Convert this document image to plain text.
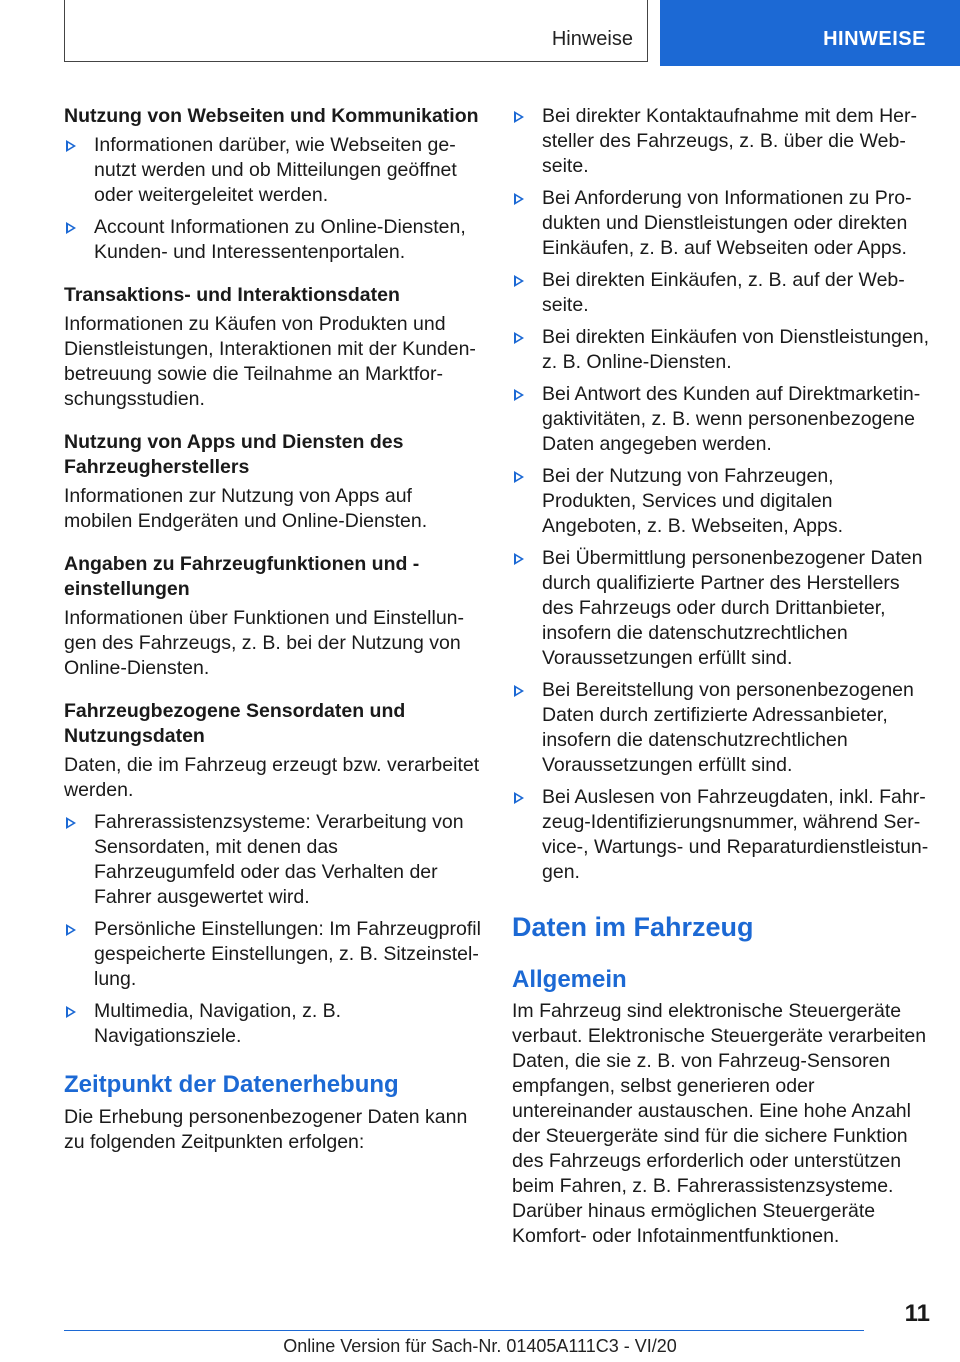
Hinweise	HINWEISE
Nutzung von Webseiten und Kommunikation
Informationen darüber, wie Webseiten genutzt werden und ob Mitteilungen geöffnet oder weitergeleitet werden.
Account Informationen zu Online-Diensten, Kunden- und Interessentenportalen.
Transaktions- und Interaktionsdaten

Informationen zu Käufen von Produkten und Dienstleistungen, Interaktionen mit der Kundenbetreuung sowie die Teilnahme an Marktforschungsstudien.

Nutzung von Apps und Diensten des Fahrzeugherstellers

Informationen zur Nutzung von Apps auf mobilen Endgeräten und Online-Diensten.

Angaben zu Fahrzeugfunktionen und -einstellungen

Informationen über Funktionen und Einstellungen des Fahrzeugs, z. B. bei der Nutzung von Online-Diensten.

Fahrzeugbezogene Sensordaten und Nutzungsdaten

Daten, die im Fahrzeug erzeugt bzw. verarbeitet werden.

Fahrerassistenzsysteme: Verarbeitung von Sensordaten, mit denen das Fahrzeugumfeld oder das Verhalten der Fahrer ausgewertet wird.
Persönliche Einstellungen: Im Fahrzeugprofil gespeicherte Einstellungen, z. B. Sitzeinstellung.
Multimedia, Navigation, z. B. Navigationsziele.
Zeitpunkt der Datenerhebung

Die Erhebung personenbezogener Daten kann zu folgenden Zeitpunkten erfolgen:

Bei direkter Kontaktaufnahme mit dem Hersteller des Fahrzeugs, z. B. über die Webseite.
Bei Anforderung von Informationen zu Produkten und Dienstleistungen oder direkten Einkäufen, z. B. auf Webseiten oder Apps.
Bei direkten Einkäufen, z. B. auf der Webseite.
Bei direkten Einkäufen von Dienstleistungen, z. B. Online-Diensten.
Bei Antwort des Kunden auf Direktmarketingaktivitäten, z. B. wenn personenbezogene Daten angegeben werden.
Bei der Nutzung von Fahrzeugen, Produkten, Services und digitalen Angeboten, z. B. Webseiten, Apps.
Bei Übermittlung personenbezogener Daten durch qualifizierte Partner des Herstellers des Fahrzeugs oder durch Drittanbieter, insofern die datenschutzrechtlichen Voraussetzungen erfüllt sind.
Bei Bereitstellung von personenbezogenen Daten durch zertifizierte Adressanbieter, insofern die datenschutzrechtlichen Voraussetzungen erfüllt sind.
Bei Auslesen von Fahrzeugdaten, inkl. Fahrzeug-Identifizierungsnummer, während Service-, Wartungs- und Reparaturdienstleistungen.
Daten im Fahrzeug
Allgemein

Im Fahrzeug sind elektronische Steuergeräte verbaut. Elektronische Steuergeräte verarbeiten Daten, die sie z. B. von Fahrzeug-Sensoren empfangen, selbst generieren oder untereinander austauschen. Eine hohe Anzahl der Steuergeräte sind für die sichere Funktion des Fahrzeugs erforderlich oder unterstützen beim Fahren, z. B. Fahrerassistenzsysteme. Darüber hinaus ermöglichen Steuergeräte Komfort- oder Infotainmentfunktionen.

11
Online Version für Sach-Nr. 01405A111C3 - VI/20
